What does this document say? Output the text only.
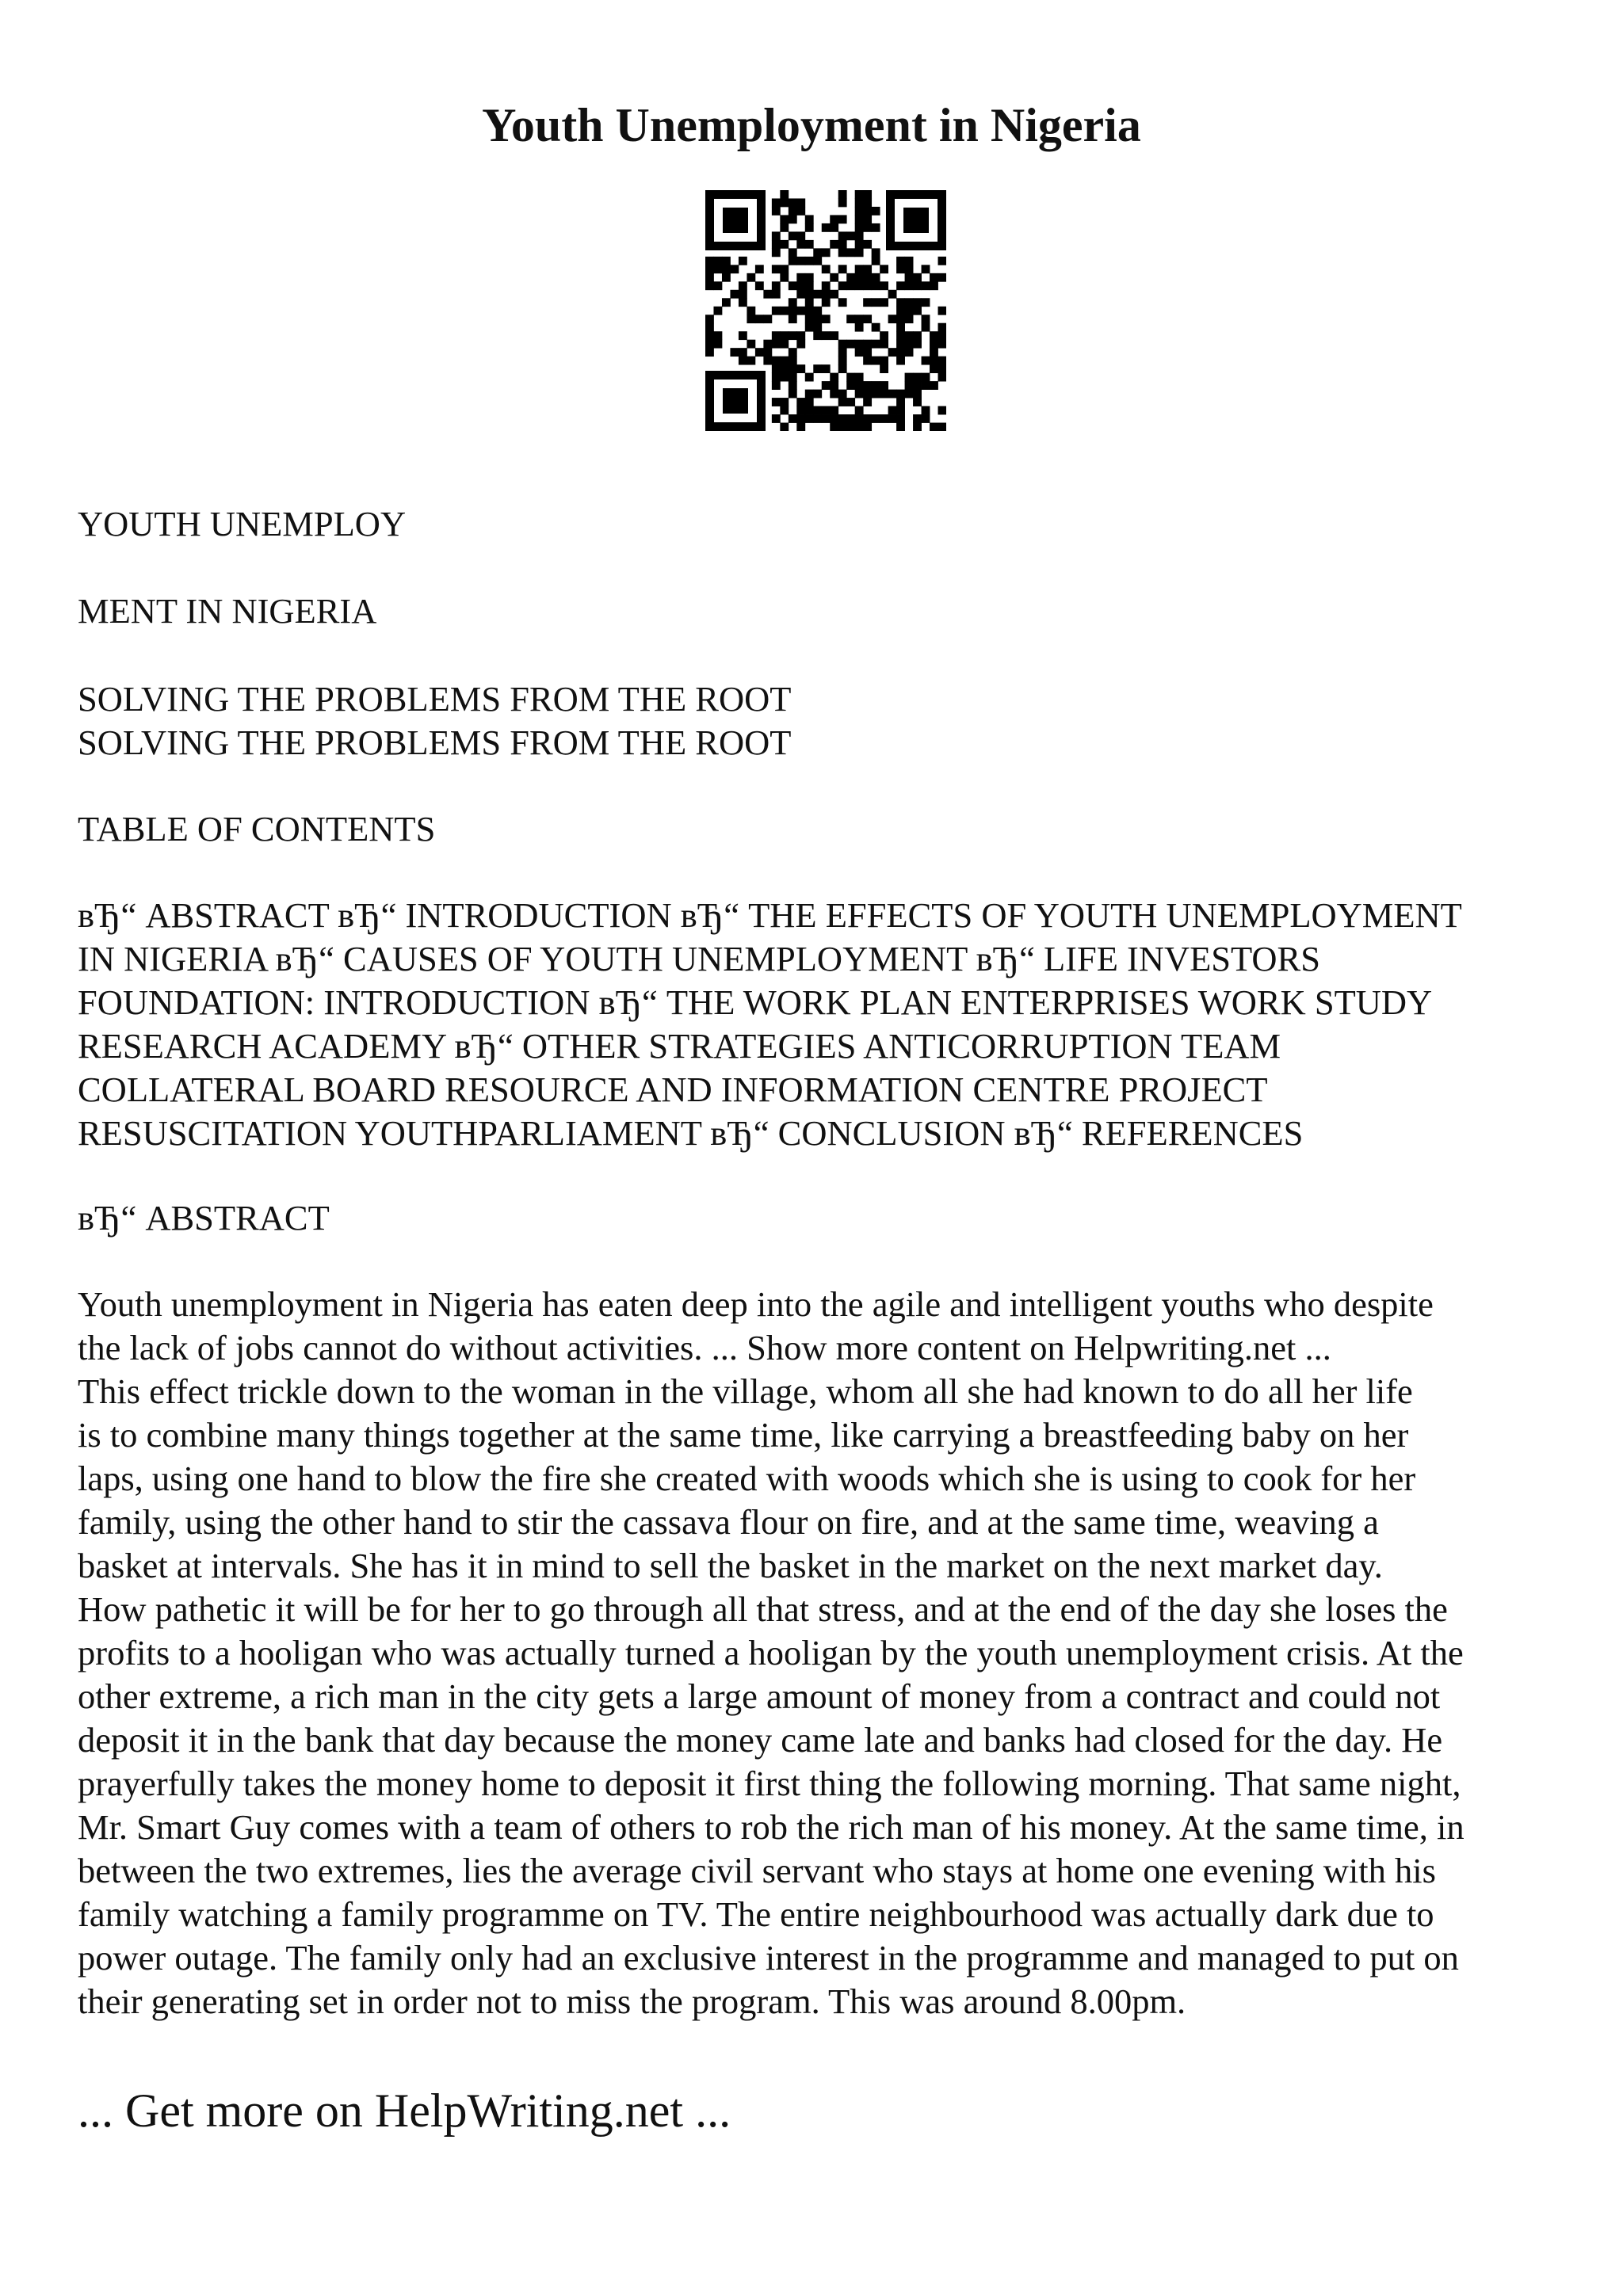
Youth Unemployment in Nigeria
YOUTH UNEMPLOY
MENT IN NIGERIA
SOLVING THE PROBLEMS FROM THE ROOT
SOLVING THE PROBLEMS FROM THE ROOT
TABLE OF CONTENTS
вЂ“ ABSTRACT вЂ“ INTRODUCTION вЂ“ THE EFFECTS OF YOUTH UNEMPLOYMENT
IN NIGERIA вЂ“ CAUSES OF YOUTH UNEMPLOYMENT вЂ“ LIFE INVESTORS
FOUNDATION: INTRODUCTION вЂ“ THE WORK PLAN ENTERPRISES WORK STUDY
RESEARCH ACADEMY вЂ“ OTHER STRATEGIES ANTICORRUPTION TEAM
COLLATERAL BOARD RESOURCE AND INFORMATION CENTRE PROJECT
RESUSCITATION YOUTHPARLIAMENT вЂ“ CONCLUSION вЂ“ REFERENCES
вЂ“ ABSTRACT
Youth unemployment in Nigeria has eaten deep into the agile and intelligent youths who despite
the lack of jobs cannot do without activities. ... Show more content on Helpwriting.net ...
This effect trickle down to the woman in the village, whom all she had known to do all her life
is to combine many things together at the same time, like carrying a breastfeeding baby on her
laps, using one hand to blow the fire she created with woods which she is using to cook for her
family, using the other hand to stir the cassava flour on fire, and at the same time, weaving a
basket at intervals. She has it in mind to sell the basket in the market on the next market day.
How pathetic it will be for her to go through all that stress, and at the end of the day she loses the
profits to a hooligan who was actually turned a hooligan by the youth unemployment crisis. At the
other extreme, a rich man in the city gets a large amount of money from a contract and could not
deposit it in the bank that day because the money came late and banks had closed for the day. He
prayerfully takes the money home to deposit it first thing the following morning. That same night,
Mr. Smart Guy comes with a team of others to rob the rich man of his money. At the same time, in
between the two extremes, lies the average civil servant who stays at home one evening with his
family watching a family programme on TV. The entire neighbourhood was actually dark due to
power outage. The family only had an exclusive interest in the programme and managed to put on
their generating set in order not to miss the program. This was around 8.00pm.
... Get more on HelpWriting.net ...
